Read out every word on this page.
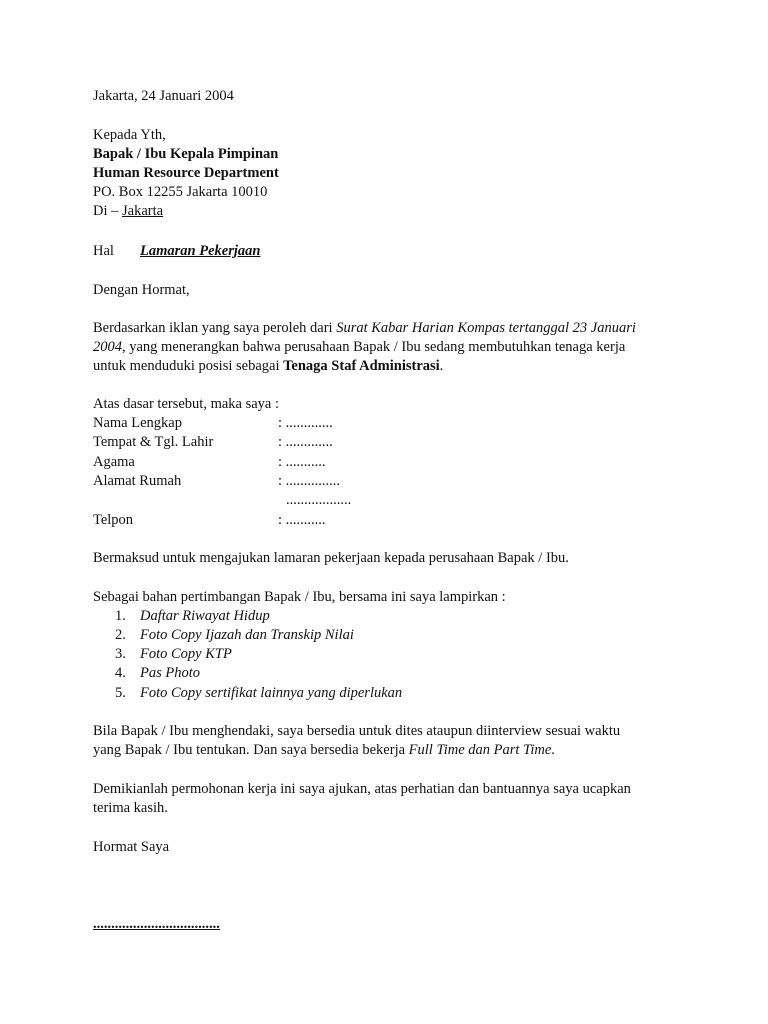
Jakarta, 24 Januari 2004
Kepada Yth,
Bapak / Ibu Kepala Pimpinan
Human Resource Department
PO. Box 12255 Jakarta 10010
Di – Jakarta
Hal Lamaran Pekerjaan
Dengan Hormat,
Berdasarkan iklan yang saya peroleh dari Surat Kabar Harian Kompas tertanggal 23 Januari
2004, yang menerangkan bahwa perusahaan Bapak / Ibu sedang membutuhkan tenaga kerja
untuk menduduki posisi sebagai Tenaga Staf Administrasi.
Atas dasar tersebut, maka saya :
Nama Lengkap	: .............
Tempat & Tgl. Lahir	: .............
Agama	: ...........
Alamat Rumah	: ...............
..................
Telpon	: ...........
Bermaksud untuk mengajukan lamaran pekerjaan kepada perusahaan Bapak / Ibu.
Sebagai bahan pertimbangan Bapak / Ibu, bersama ini saya lampirkan :
1. Daftar Riwayat Hidup
2. Foto Copy Ijazah dan Transkip Nilai
3. Foto Copy KTP
4. Pas Photo
5. Foto Copy sertifikat lainnya yang diperlukan
Bila Bapak / Ibu menghendaki, saya bersedia untuk dites ataupun diinterview sesuai waktu
yang Bapak / Ibu tentukan. Dan saya bersedia bekerja Full Time dan Part Time.
Demikianlah permohonan kerja ini saya ajukan, atas perhatian dan bantuannya saya ucapkan
terima kasih.
Hormat Saya
...................................
